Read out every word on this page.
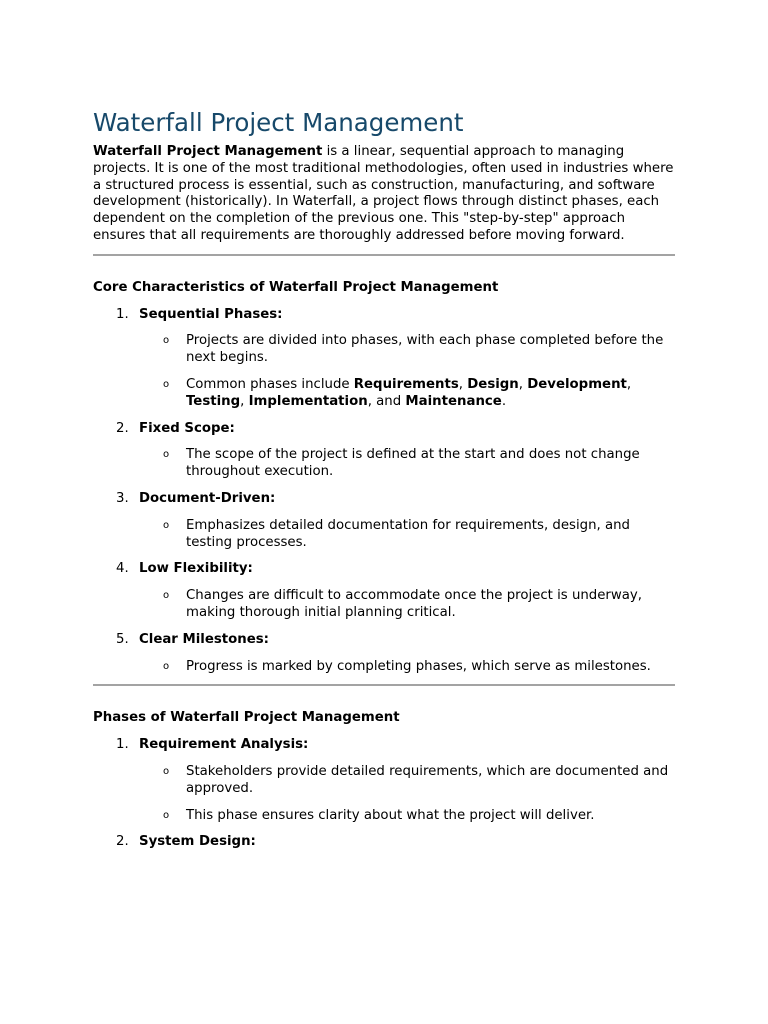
Waterfall Project Management

Waterfall Project Management is a linear, sequential approach to managing projects. It is one of the most traditional methodologies, often used in industries where a structured process is essential, such as construction, manufacturing, and software development (historically). In Waterfall, a project flows through distinct phases, each dependent on the completion of the previous one. This "step-by-step" approach ensures that all requirements are thoroughly addressed before moving forward.

Core Characteristics of Waterfall Project Management
1. Sequential Phases:
o Projects are divided into phases, with each phase completed before the next begins.
o Common phases include Requirements, Design, Development, Testing, Implementation, and Maintenance.
2. Fixed Scope:
o The scope of the project is defined at the start and does not change throughout execution.
3. Document-Driven:
o Emphasizes detailed documentation for requirements, design, and testing processes.
4. Low Flexibility:
o Changes are difficult to accommodate once the project is underway, making thorough initial planning critical.
5. Clear Milestones:
o Progress is marked by completing phases, which serve as milestones.
Phases of Waterfall Project Management
1. Requirement Analysis:
o Stakeholders provide detailed requirements, which are documented and approved.
o This phase ensures clarity about what the project will deliver.
2. System Design:
